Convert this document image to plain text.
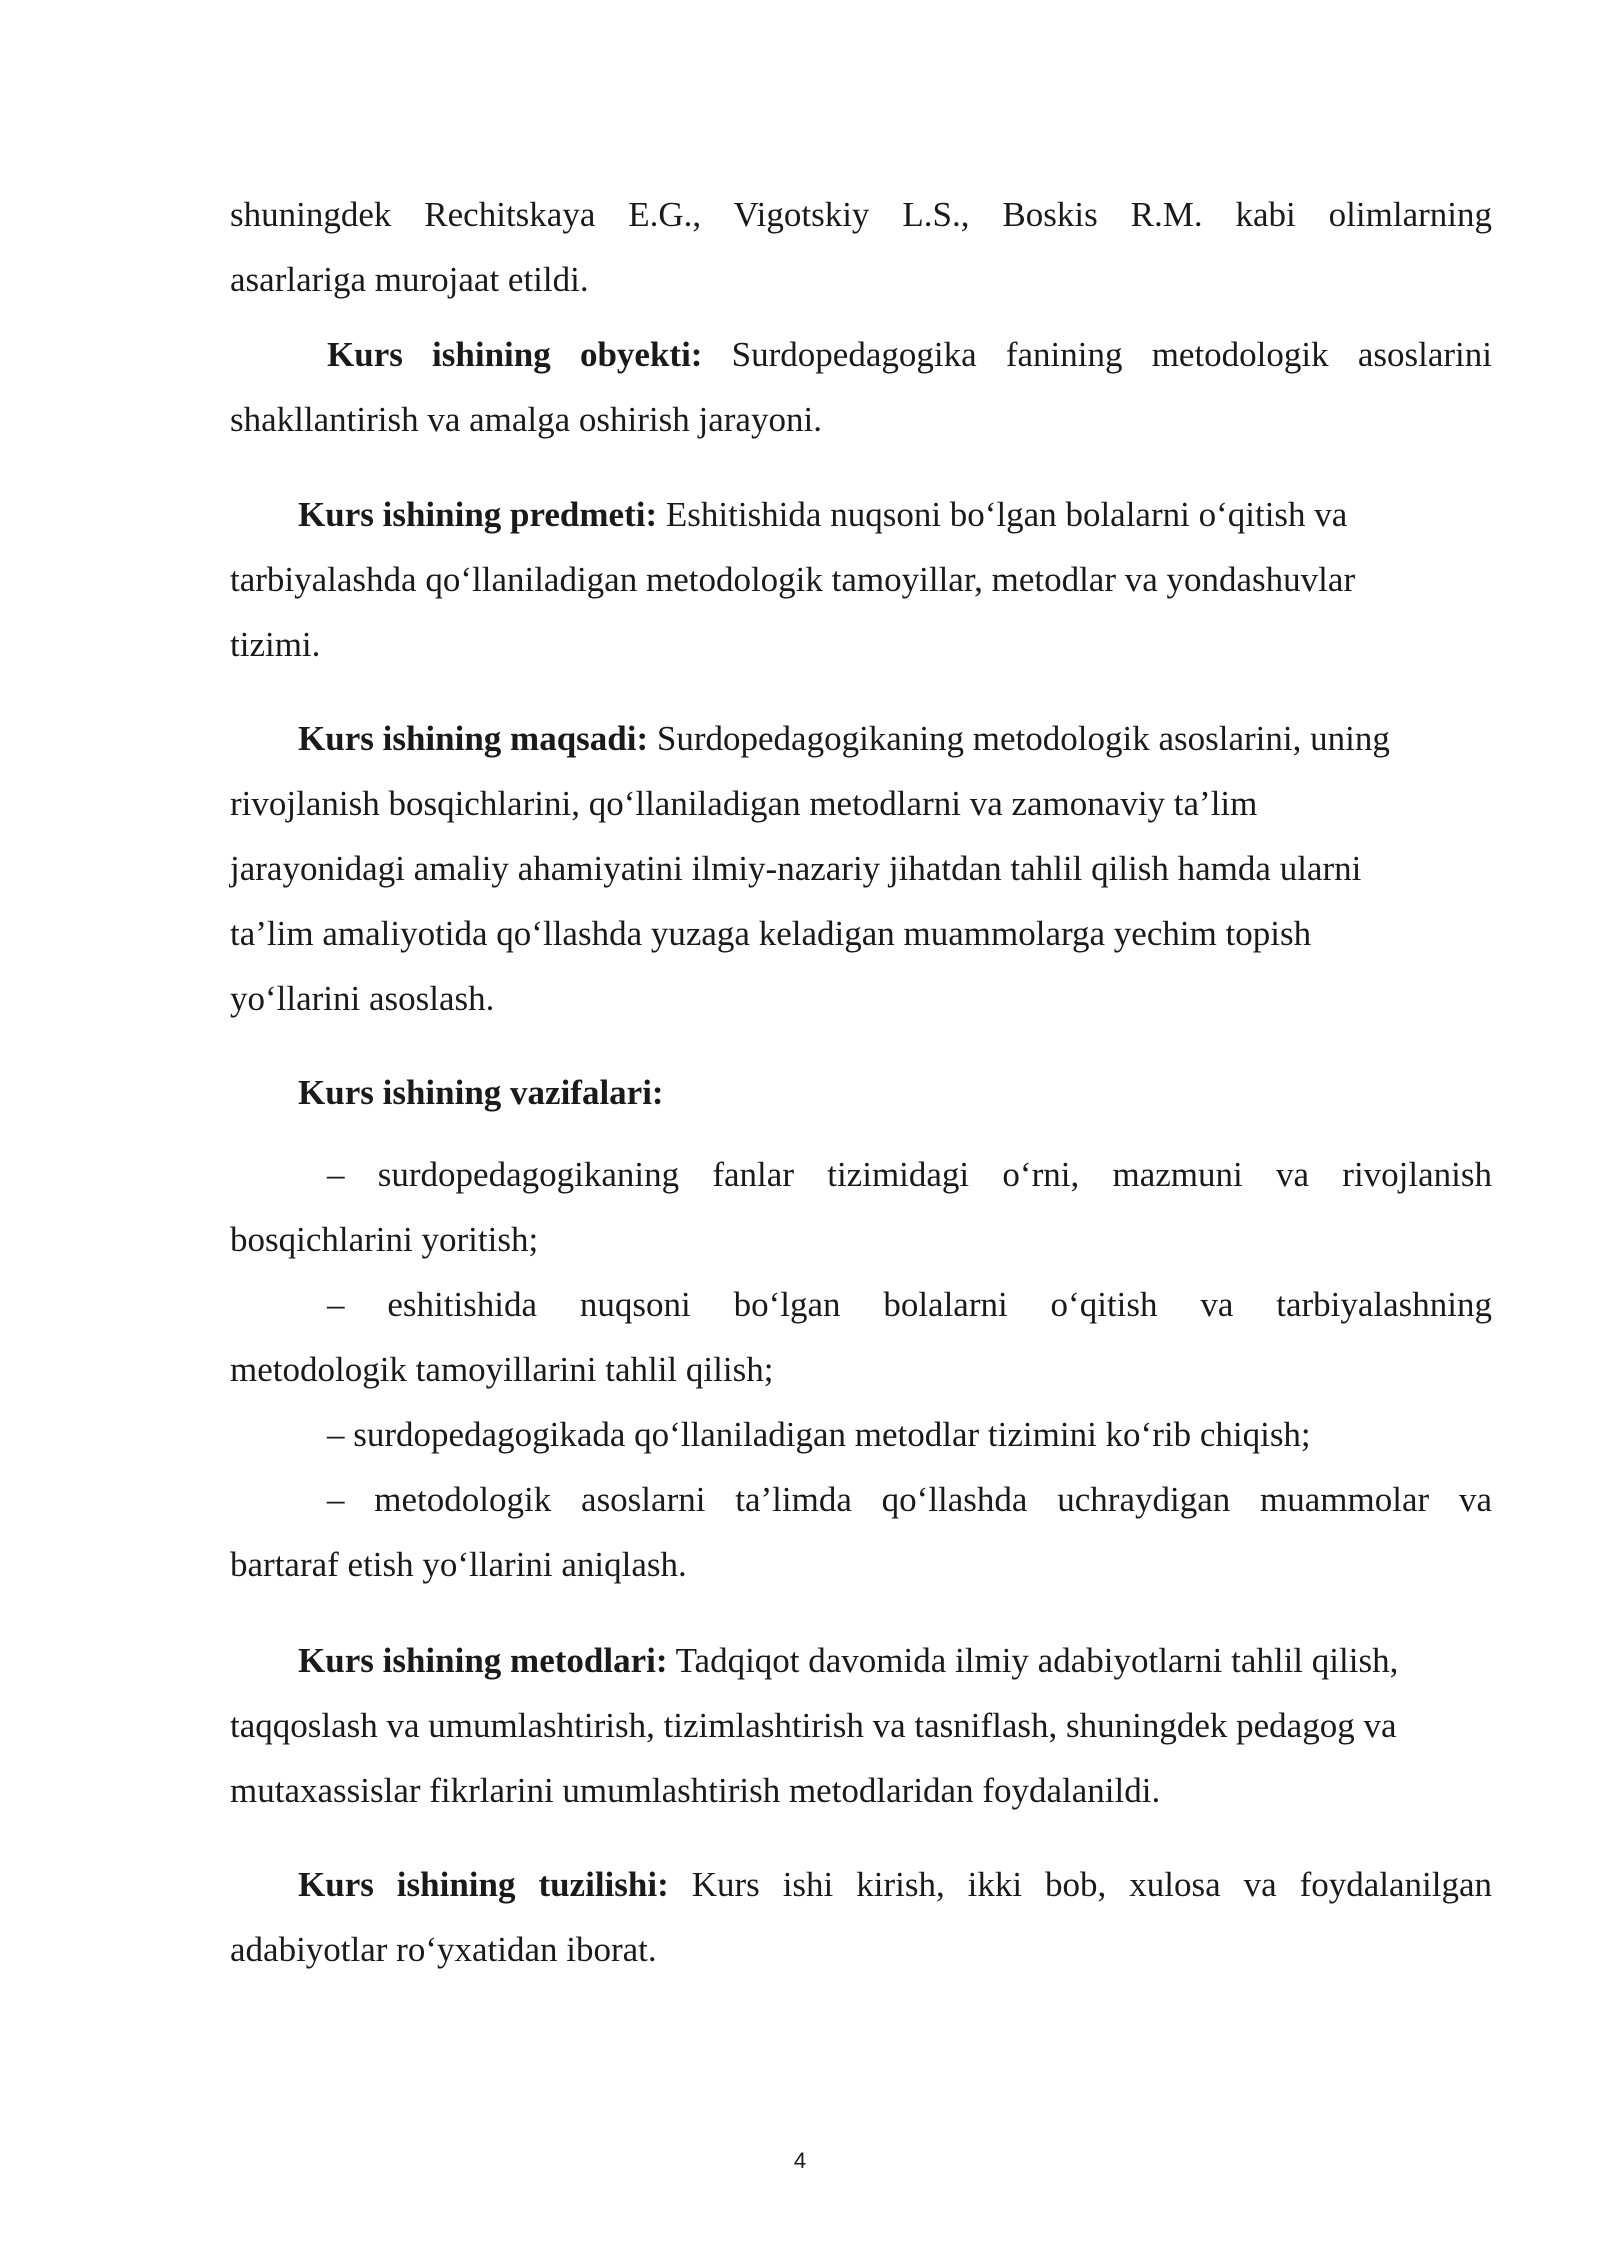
shuningdek Rechitskaya E.G., Vigotskiy L.S., Boskis R.M. kabi olimlarning
asarlariga murojaat etildi.
Kurs ishining obyekti: Surdopedagogika fanining metodologik asoslarini
shakllantirish va amalga oshirish jarayoni.
Kurs ishining predmeti: Eshitishida nuqsoni bo‘lgan bolalarni o‘qitish va
tarbiyalashda qo‘llaniladigan metodologik tamoyillar, metodlar va yondashuvlar
tizimi.
Kurs ishining maqsadi: Surdopedagogikaning metodologik asoslarini, uning
rivojlanish bosqichlarini, qo‘llaniladigan metodlarni va zamonaviy ta’lim
jarayonidagi amaliy ahamiyatini ilmiy-nazariy jihatdan tahlil qilish hamda ularni
ta’lim amaliyotida qo‘llashda yuzaga keladigan muammolarga yechim topish
yo‘llarini asoslash.
Kurs ishining vazifalari:
– surdopedagogikaning fanlar tizimidagi o‘rni, mazmuni va rivojlanish
bosqichlarini yoritish;
– eshitishida nuqsoni bo‘lgan bolalarni o‘qitish va tarbiyalashning
metodologik tamoyillarini tahlil qilish;
– surdopedagogikada qo‘llaniladigan metodlar tizimini ko‘rib chiqish;
– metodologik asoslarni ta’limda qo‘llashda uchraydigan muammolar va
bartaraf etish yo‘llarini aniqlash.
Kurs ishining metodlari: Tadqiqot davomida ilmiy adabiyotlarni tahlil qilish,
taqqoslash va umumlashtirish, tizimlashtirish va tasniflash, shuningdek pedagog va
mutaxassislar fikrlarini umumlashtirish metodlaridan foydalanildi.
Kurs ishining tuzilishi: Kurs ishi kirish, ikki bob, xulosa va foydalanilgan
adabiyotlar ro‘yxatidan iborat.
4
